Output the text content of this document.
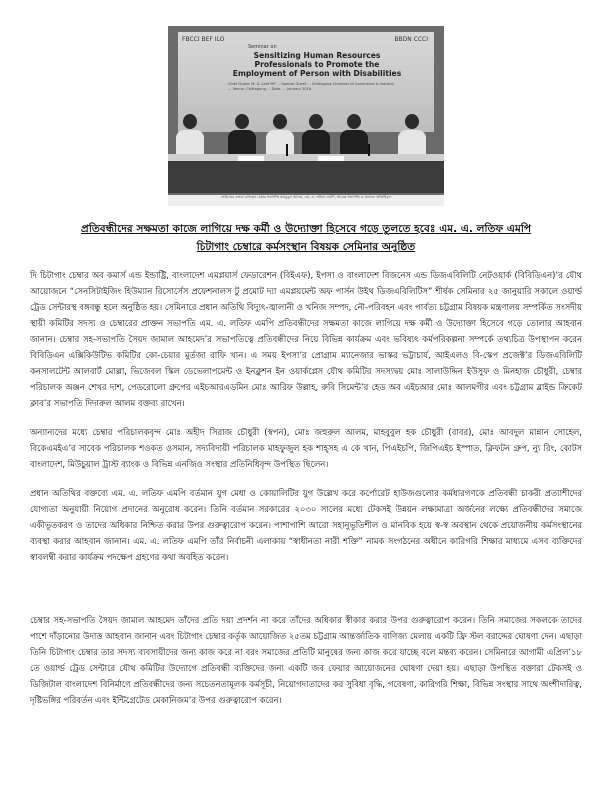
FBCCI BEF ILO	BBDN CCCI
Seminar on
Sensitizing Human Resources Professionals to Promote the Employment of Person with Disabilities
Chief Guest: M. A. Latif MP ... Special Guest ... Chittagong Chamber of Commerce & Industry ... Venue: Chittagong ... Date: ... January 2018
সেমিনারে বক্তব্য রাখছেন চেম্বার সভাপতি মাহবুবুল আলম, এম. এ. লতিফ এমপি, সাবেক সভাপতি ও অন্যান্য অতিথিবৃন্দ
প্রতিবন্ধীদের সক্ষমতা কাজে লাগিয়ে দক্ষ কর্মী ও উদ্যোক্তা হিসেবে গড়ে তুলতে হবেঃ এম. এ. লতিফ এমপি
চিটাগাং চেম্বারে কর্মসংস্থান বিষয়ক সেমিনার অনুষ্ঠিত

দি চিটাগাং চেম্বার অব কমার্স এন্ড ইন্ডাষ্ট্রি, বাংলাদেশ এমপ্লয়ার্স ফেডারেশন (বিইএফ), ইপসা ও বাংলাদেশ বিজনেস এন্ড ডিজএবিলিটি নেটওয়ার্ক (বিবিডিএন)’র যৌথ আয়োজনে “সেনসিটাইজিং হিউম্যান রিসোর্সেস প্রফেশনালস টু প্রমোট দ্যা এমপ্লয়মেন্ট অফ পার্সন উইথ ডিজএবিলিটিস” শীর্ষক সেমিনার ২৫ জানুয়ারি সকালে ওয়ার্ল্ড ট্রেড সেন্টারস্থ বঙ্গবন্ধু হলে অনুষ্ঠিত হয়। সেমিনারে প্রধান অতিথি বিদ্যুৎ-জ্বালানী ও খনিজ সম্পদ, নৌ-পরিবহন এবং পার্বত্য চট্টগ্রাম বিষয়ক মন্ত্রণালয় সম্পর্কিত সংসদীয় স্থায়ী কমিটির সদস্য ও চেম্বারের প্রাক্তন সভাপতি এম. এ. লতিফ এমপি প্রতিবন্ধীদের সক্ষমতা কাজে লাগিয়ে দক্ষ কর্মী ও উদ্যোক্তা হিসেবে গড়ে তোলার আহবান জানান। চেম্বার সহ-সভাপতি সৈয়দ জামাল আহমেদ’র সভাপতিত্বে প্রতিবন্ধীদের নিয়ে বিভিন্ন কার্যক্রম এবং ভবিষ্যৎ কর্মপরিকল্পনা সম্পর্কে তথ্যচিত্র উপস্থাপন করেন বিবিডিএন এক্সিকিউটিভ কমিটির কো-চেয়ার মুর্তজা রাফি খান। এ সময় ইপসা’র প্রোগ্রাম ম্যানেজার ভাস্কর ভট্টাচার্য, আইএলও বি-স্কেপ প্রজেক্ট’র ডিজএবিলিটি কনসালটেন্ট আলবার্ট মোল্লা, ভিজেবল স্কিল ডেভেলাপমেন্ট ও ইনক্লুশন ইন ওয়ার্কপ্লেস যৌথ কমিটির সদস্যদ্বয় মোঃ সালাউদ্দিন ইউসুফ ও মিনহাজ চৌধুরী, চেম্বার পরিচালক অঞ্জন শেখর দাশ, পেডরোলো গ্রুপের এইচআরএডমিন মোঃ আরিফ উল্লাহ, রুবি সিমেন্ট’র হেড অব এইচআর মোঃ আলমগীর এবং চট্টগ্রাম ব্লাইন্ড ক্রিকেট ক্লাব’র সভাপতি দিদারুল আলম বক্তব্য রাখেন।

অন্যান্যদের মধ্যে চেম্বার পরিচালকবৃন্দ মোঃ অহীদ সিরাজ চৌধুরী (স্বপন), মোঃ জহুরুল আলম, মাহবুবুল হক চৌধুরী (বাবর), মোঃ আবদুল মান্নান সোহেল, বিকেএমইএ’র সাবেক পরিচালক শওকত ওসমান, সদ্যবিদায়ী পরিচালক মাহফুজুল হক শাহ্‌সহ এ কে খান, পিএইচপি, জিপিএইচ ইস্পাত, ক্লিফটন গ্রুপ, ন্যু রিং, কোটস বাংলাদেশ, মিউচুয়াল ট্রাস্ট ব্যাংক ও বিভিন্ন এনজিও সংস্থার প্রতিনিধিবৃন্দ উপস্থিত ছিলেন।

প্রধান অতিথির বক্তব্যে এম. এ. লতিফ এমপি বর্তমান যুগ মেধা ও কোয়ালিটির যুগ উল্লেখ করে কর্পোরেট হাউজগুলোর কর্মধারগণকে প্রতিবন্ধী চাকরী প্রত্যাশীদের যোগ্যতা অনুযায়ী নিয়োগ প্রদানের অনুরোধ করেন। তিনি বর্তমান সরকারের ২০৩০ সালের মধ্যে টেকসই উন্নয়ন লক্ষ্যমাত্রা অর্জনের লক্ষ্যে প্রতিবন্ধীদের সমাজে একীভূতকরণ ও তাদের অধিকার নিশ্চিত করার উপর গুরুত্বারোপ করেন। পাশাপাশি আরো সহানুভূতিশীল ও মানবিক হয়ে স্ব-স্ব অবস্থান থেকে প্রয়োজনীয় কর্মসংস্থানের ব্যবস্থা করার আহবান জানান। এম. এ. লতিফ এমপি তাঁর নির্বাচনী এলাকায় “স্বাধীনতা নারী শক্তি” নামক সংগঠনের অধীনে কারিগরি শিক্ষার মাধ্যমে এসব ব্যক্তিদের স্বাবলম্বী করার কার্যক্রম পদক্ষেপ গ্রহণের কথা অবহিত করেন।

চেম্বার সহ-সভাপতি সৈয়দ জামাল আহমেদ তাঁদের প্রতি দয়া প্রদর্শন না করে তাঁদের অধিকার স্বীকার করার উপর গুরুত্বারোপ করেন। তিনি সমাজের সকলকে তাদের পাশে দাঁড়ানোর উদাত্ত আহবান জানান এবং চিটাগাং চেম্বার কর্তৃক আয়োজিত ২৫তম চট্টগ্রাম আন্তর্জাতিক বাণিজ্য মেলায় একটি ফ্রি স্টল বরাদ্দের ঘোষণা দেন। এছাড়া তিনি চিটাগাং চেম্বার তার সদস্য ব্যবসায়ীদের জন্য কাজ করে না বরং সমাজের প্রতিটি মানুষের জন্য কাজ করে যাচ্ছে বলে মন্তব্য করেন। সেমিনারে আগামী এপ্রিল’১৮ তে ওয়ার্ল্ড ট্রেড সেন্টারে যৌথ কমিটির উদ্যোগে প্রতিবন্ধী ব্যক্তিদের জন্য একটি জব ফেয়ার আয়োজনের ঘোষণা দেয়া হয়। এছাড়া উপস্থিত বক্তারা টেকসই ও ডিজিটাল বাংলাদেশ বিনির্মাণে প্রতিবন্ধীদের জন্য সচেতনতামূলক কর্মসূচী, নিয়োগদাতাদের কর সুবিধা বৃদ্ধি, গবেষণা, কারিগরি শিক্ষা, বিভিন্ন সংস্থার সাথে অংশীদারিত্ব, দৃষ্টিভঙ্গির পরিবর্তন এবং ইন্টিগ্রেটেড মেকানিজম’র উপর গুরুত্বারোপ করেন।
